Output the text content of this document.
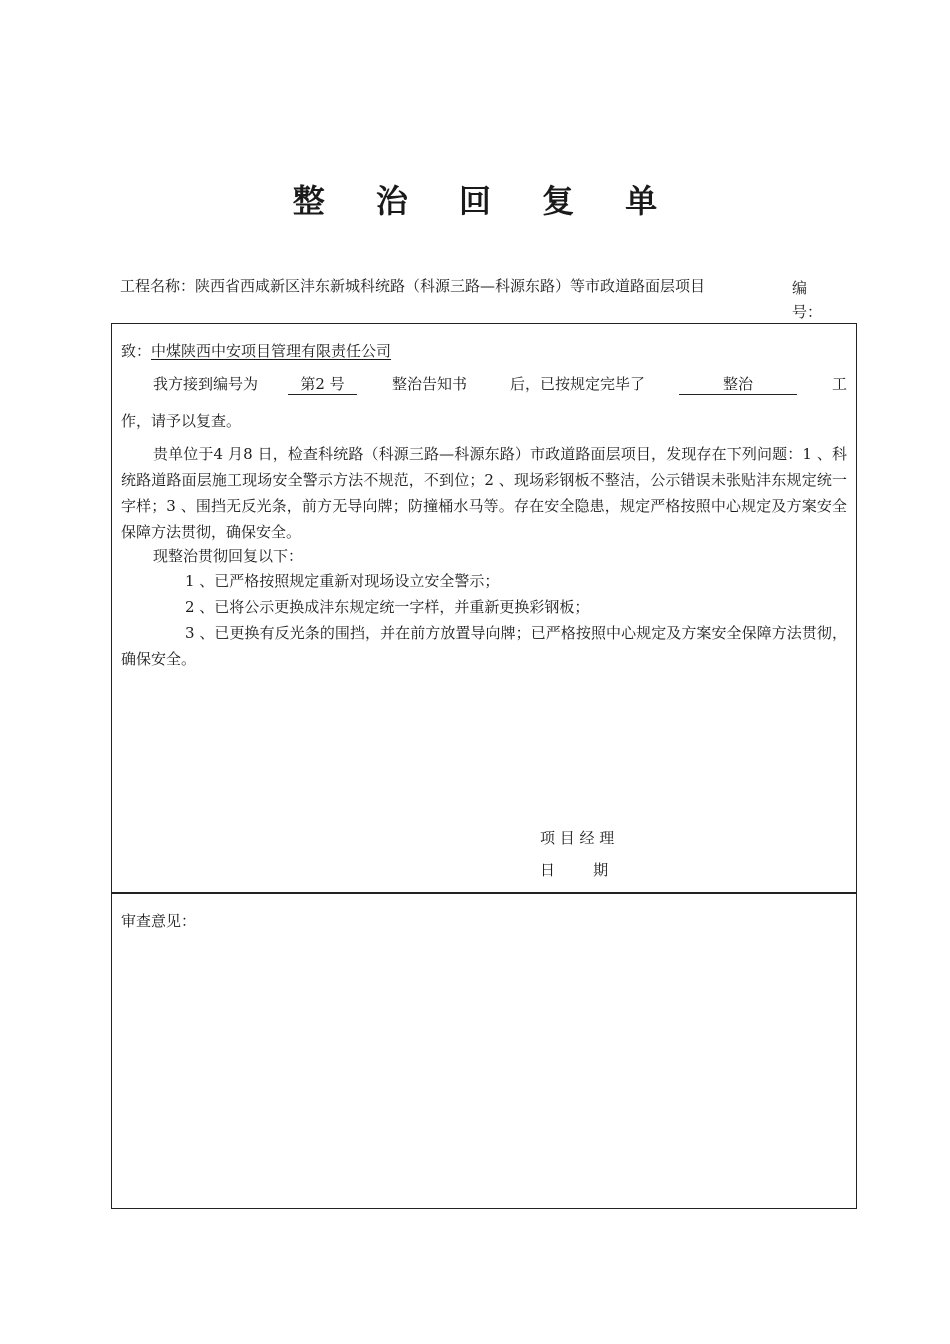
整 治 回 复 单
工程名称：陕西省西咸新区沣东新城科统路（科源三路—科源东路）等市政道路面层项目	编号：
致：中煤陕西中安项目管理有限责任公司
我方接到编号为	第2 号	整治告知书	后，已按规定完毕了	整治	工
作，请予以复查。
贵单位于4 月8 日，检查科统路（科源三路—科源东路）市政道路面层项目，发现存在下列问题：1 、科统路道路面层施工现场安全警示方法不规范，不到位；2 、现场彩钢板不整洁，公示错误未张贴沣东规定统一字样；3 、围挡无反光条，前方无导向牌；防撞桶水马等。存在安全隐患，规定严格按照中心规定及方案安全保障方法贯彻，确保安全。
现整治贯彻回复以下：
1 、已严格按照规定重新对现场设立安全警示；
2 、已将公示更换成沣东规定统一字样，并重新更换彩钢板；
3 、已更换有反光条的围挡，并在前方放置导向牌；已严格按照中心规定及方案安全保障方法贯彻，确保安全。
项 目 经 理
日        期
审查意见：
